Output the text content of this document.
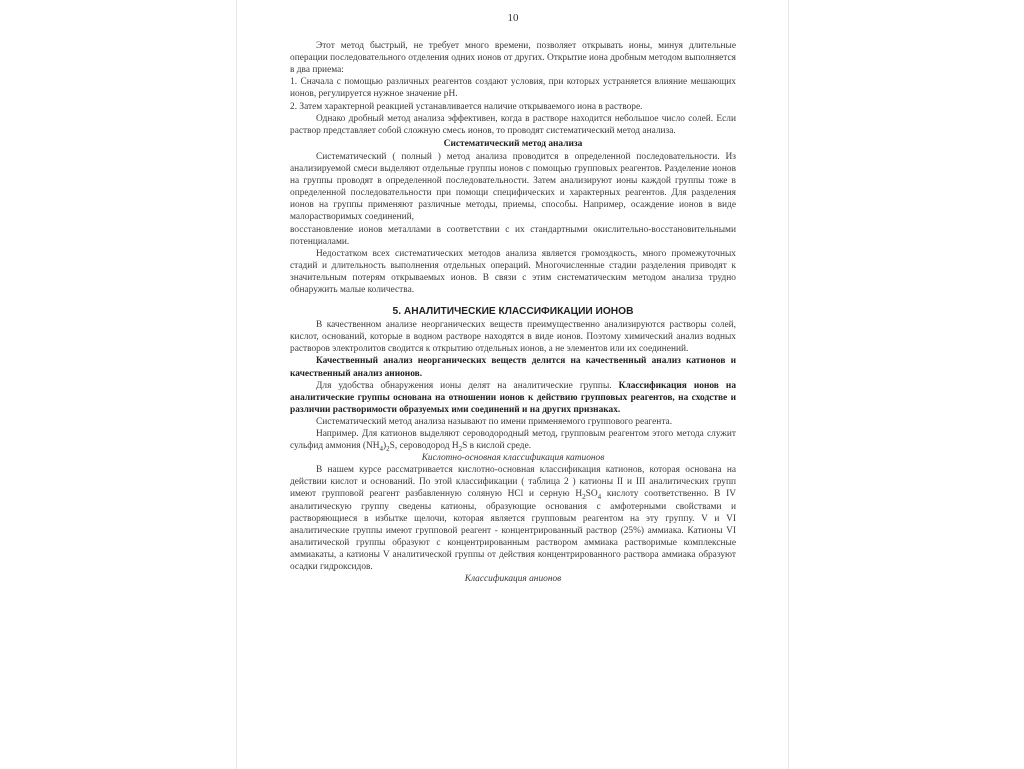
10

Этот метод быстрый, не требует много времени, позволяет открывать ионы, минуя длительные операции последовательного отделения одних ионов от других. Открытие иона дробным методом выполняется в два приема:

1. Сначала с помощью различных реагентов создают условия, при которых устраняется влияние мешающих ионов, регулируется нужное значение рН.

2. Затем характерной реакцией устанавливается наличие открываемого иона в растворе.

Однако дробный метод анализа эффективен, когда в растворе находится небольшое число солей. Если раствор представляет собой сложную смесь ионов, то проводят систематический метод анализа.

Систематический метод анализа

Систематический ( полный ) метод анализа проводится в определенной последовательности. Из анализируемой смеси выделяют отдельные группы ионов с помощью групповых реагентов. Разделение ионов на группы проводят в определенной последовательности. Затем анализируют ионы каждой группы тоже в определенной последовательности при помощи специфических и характерных реагентов. Для разделения ионов на группы применяют различные методы, приемы, способы. Например, осаждение ионов в виде малорастворимых соединений,

восстановление ионов металлами в соответствии с их стандартными окислительно-восстановительными потенциалами.

Недостатком всех систематических методов анализа является громоздкость, много промежуточных стадий и длительность выполнения отдельных операций. Многочисленные стадии разделения приводят к значительным потерям открываемых ионов. В связи с этим систематическим методом анализа трудно обнаружить малые количества.

5. АНАЛИТИЧЕСКИЕ КЛАССИФИКАЦИИ ИОНОВ

В качественном анализе неорганических веществ преимущественно анализируются растворы солей, кислот, оснований, которые в водном растворе находятся в виде ионов. Поэтому химический анализ водных растворов электролитов сводится к открытию отдельных ионов, а не элементов или их соединений.

Качественный анализ неорганических веществ делится на качественный анализ катионов и качественный анализ анионов.

Для удобства обнаружения ионы делят на аналитические группы. Классификация ионов на аналитические группы основана на отношении ионов к действию групповых реагентов, на сходстве и различии растворимости образуемых ими соединений и на других признаках.

Систематический метод анализа называют по имени применяемого группового реагента.

Например. Для катионов выделяют сероводородный метод, групповым реагентом этого метода служит сульфид аммония $(NH_4)_2S$, сероводород $H_2S$ в кислой среде.

Кислотно-основная классификация катионов

В нашем курсе рассматривается кислотно-основная классификация катионов, которая основана на действии кислот и оснований. По этой классификации ( таблица 2 ) катионы II и III аналитических групп имеют групповой реагент разбавленную соляную HCl и серную $H_2SO_4$ кислоту соответственно. В IV аналитическую группу сведены катионы, образующие основания с амфотерными свойствами и растворяющиеся в избытке щелочи, которая является групповым реагентом на эту группу. V и VI аналитические группы имеют групповой реагент - концентрированный раствор (25%) аммиака. Катионы VI аналитической группы образуют с концентрированным раствором аммиака растворимые комплексные аммиакаты, а катионы V аналитической группы от действия концентрированного раствора аммиака образуют осадки гидроксидов.

Классификация анионов
